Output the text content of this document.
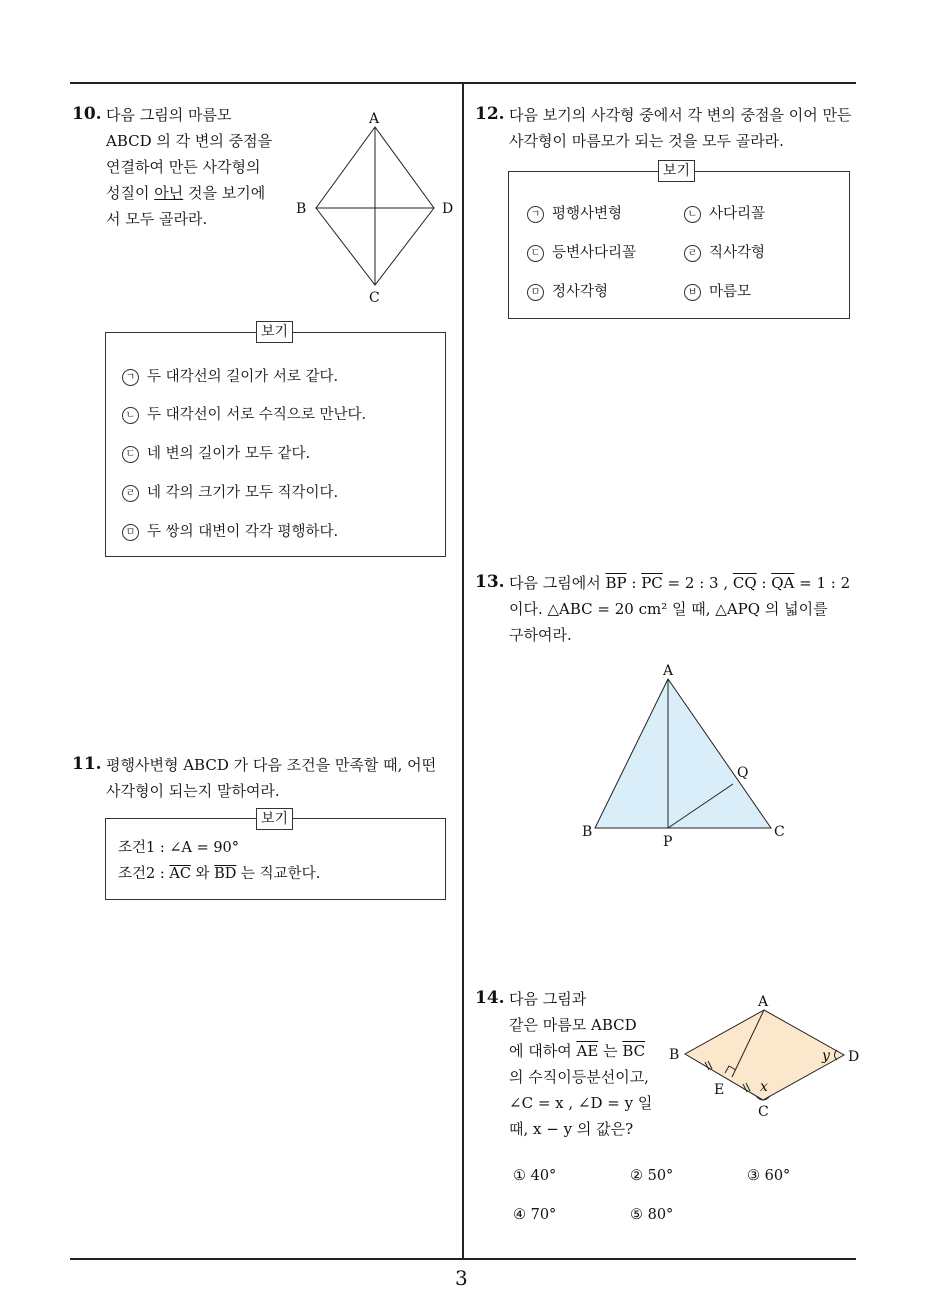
3
10. 다음 그림의 마름모
ABCD 의 각 변의 중점을
연결하여 만든 사각형의
성질이 아닌 것을 보기에
서 모두 골라라.
A
B	D
C
보기
ㄱ 두 대각선의 길이가 서로 같다.
ㄴ 두 대각선이 서로 수직으로 만난다.
ㄷ 네 변의 길이가 모두 같다.
ㄹ 네 각의 크기가 모두 직각이다.
ㅁ 두 쌍의 대변이 각각 평행하다.
11. 평행사변형 ABCD 가 다음 조건을 만족할 때, 어떤
사각형이 되는지 말하여라.
보기
조건1 : ∠A = 90°
조건2 : $\overline{AC}$ 와 $\overline{BD}$ 는 직교한다.
12. 다음 보기의 사각형 중에서 각 변의 중점을 이어 만든
사각형이 마름모가 되는 것을 모두 골라라.
보기
ㄱ 평행사변형	ㄴ 사다리꼴
ㄷ 등변사다리꼴	ㄹ 직사각형
ㅁ 정사각형	ㅂ 마름모
13. 다음 그림에서 $\overline{BP}$ : $\overline{PC} = 2$ : 3 , $\overline{CQ}$ : $\overline{QA} = 1$ : 2
이다. △ABC = 20 cm² 일 때, △APQ 의 넓이를
구하여라.
A
B	C
P
Q
14. 다음 그림과
같은 마름모 ABCD
에 대하여 $\overline{AE}$ 는 $\overline{BC}$
의 수직이등분선이고,
∠C = x , ∠D = y 일
때, x − y 의 값은?
A
B	D
C
E	x
y
① 40°	② 50°	③ 60°
④ 70°	⑤ 80°
